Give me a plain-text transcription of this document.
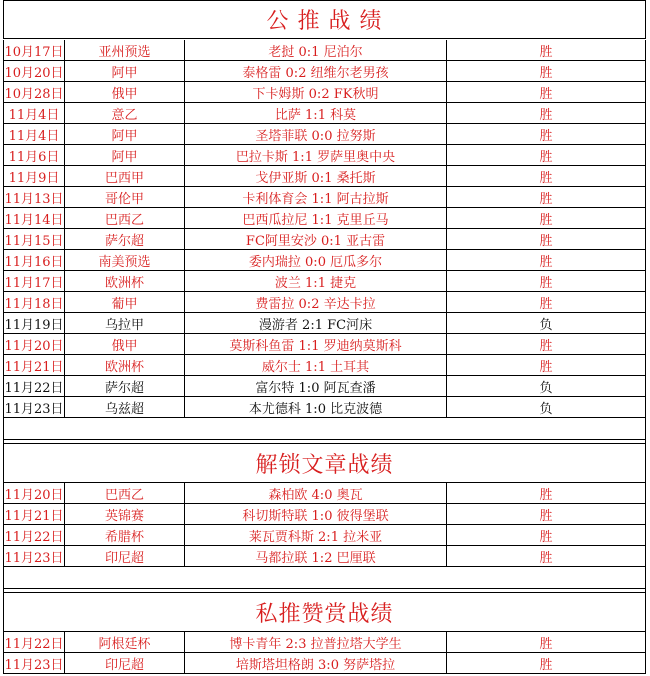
公 推 战 绩
10月17日	亚州预选	老挝 0:1 尼泊尔	胜
10月20日	阿甲	泰格雷 0:2 纽维尔老男孩	胜
10月28日	俄甲	下卡姆斯 0:2 FK秋明	胜
11月4日	意乙	比萨 1:1 科莫	胜
11月4日	阿甲	圣塔菲联 0:0 拉努斯	胜
11月6日	阿甲	巴拉卡斯 1:1 罗萨里奥中央	胜
11月9日	巴西甲	戈伊亚斯 0:1 桑托斯	胜
11月13日	哥伦甲	卡利体育会 1:1 阿古拉斯	胜
11月14日	巴西乙	巴西瓜拉尼 1:1 克里丘马	胜
11月15日	萨尔超	FC阿里安沙 0:1 亚古雷	胜
11月16日	南美预选	委内瑞拉 0:0 厄瓜多尔	胜
11月17日	欧洲杯	波兰 1:1 捷克	胜
11月18日	葡甲	费雷拉 0:2 辛达卡拉	胜
11月19日	乌拉甲	漫游者 2:1 FC河床	负
11月20日	俄甲	莫斯科鱼雷 1:1 罗迪纳莫斯科	胜
11月21日	欧洲杯	威尔士 1:1 土耳其	胜
11月22日	萨尔超	富尔特 1:0 阿瓦查潘	负
11月23日	乌兹超	本尤德科 1:0 比克波德	负
解锁文章战绩
11月20日	巴西乙	森柏欧 4:0 奥瓦	胜
11月21日	英锦赛	科切斯特联 1:0 彼得堡联	胜
11月22日	希腊杯	莱瓦贾科斯 2:1 拉米亚	胜
11月23日	印尼超	马都拉联 1:2 巴厘联	胜
私推赞赏战绩
11月22日	阿根廷杯	博卡青年 2:3 拉普拉塔大学生	胜
11月23日	印尼超	培斯塔坦格朗 3:0 努萨塔拉	胜
